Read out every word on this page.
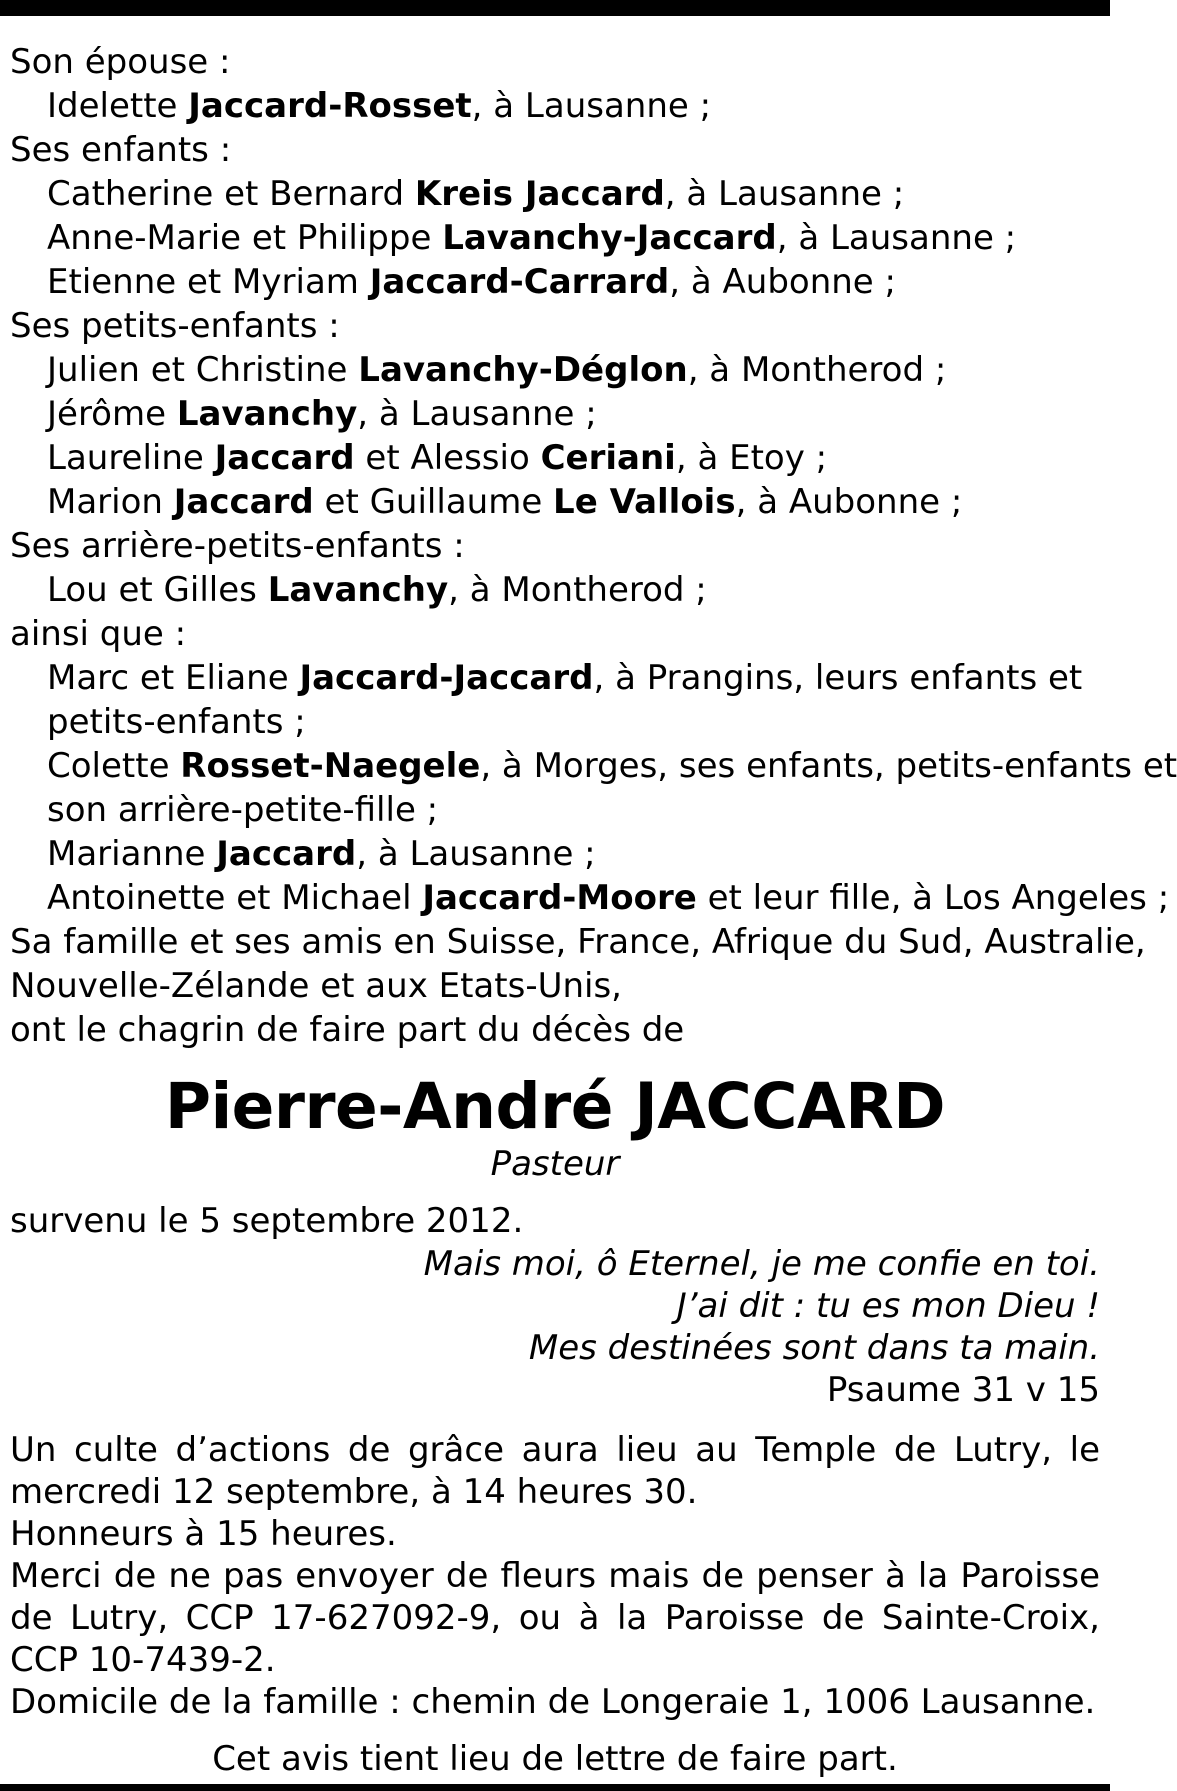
Son épouse :
Idelette Jaccard-Rosset, à Lausanne ;
Ses enfants :
Catherine et Bernard Kreis Jaccard, à Lausanne ;
Anne-Marie et Philippe Lavanchy-Jaccard, à Lausanne ;
Etienne et Myriam Jaccard-Carrard, à Aubonne ;
Ses petits-enfants :
Julien et Christine Lavanchy-Déglon, à Montherod ;
Jérôme Lavanchy, à Lausanne ;
Laureline Jaccard et Alessio Ceriani, à Etoy ;
Marion Jaccard et Guillaume Le Vallois, à Aubonne ;
Ses arrière-petits-enfants :
Lou et Gilles Lavanchy, à Montherod ;
ainsi que :
Marc et Eliane Jaccard-Jaccard, à Prangins, leurs enfants et
petits-enfants ;
Colette Rosset-Naegele, à Morges, ses enfants, petits-enfants et
son arrière-petite-fille ;
Marianne Jaccard, à Lausanne ;
Antoinette et Michael Jaccard-Moore et leur fille, à Los Angeles ;
Sa famille et ses amis en Suisse, France, Afrique du Sud, Australie,
Nouvelle-Zélande et aux Etats-Unis,
ont le chagrin de faire part du décès de
Pierre-André JACCARD
Pasteur
survenu le 5 septembre 2012.
Mais moi, ô Eternel, je me confie en toi.
J’ai dit : tu es mon Dieu !
Mes destinées sont dans ta main.
Psaume 31 v 15
Un culte d’actions de grâce aura lieu au Temple de Lutry, le mercredi 12 septembre, à 14 heures 30.
Honneurs à 15 heures.
Merci de ne pas envoyer de fleurs mais de penser à la Paroisse de Lutry, CCP 17-627092-9, ou à la Paroisse de Sainte-Croix, CCP 10-7439-2.
Domicile de la famille : chemin de Longeraie 1, 1006 Lausanne.
Cet avis tient lieu de lettre de faire part.
